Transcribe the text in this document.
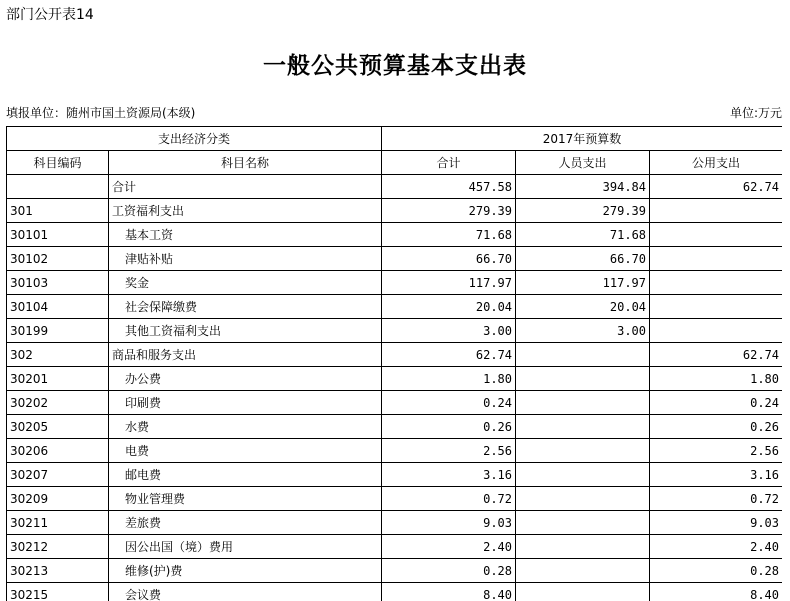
部门公开表14
一般公共预算基本支出表
填报单位：随州市国土资源局(本级)	单位:万元
支出经济分类		2017年预算数		
科目编码	科目名称	合计	人员支出	公用支出
	合计	457.58	394.84	62.74
301	工资福利支出	279.39	279.39	
30101	基本工资	71.68	71.68	
30102	津贴补贴	66.70	66.70	
30103	奖金	117.97	117.97	
30104	社会保障缴费	20.04	20.04	
30199	其他工资福利支出	3.00	3.00	
302	商品和服务支出	62.74		62.74
30201	办公费	1.80		1.80
30202	印刷费	0.24		0.24
30205	水费	0.26		0.26
30206	电费	2.56		2.56
30207	邮电费	3.16		3.16
30209	物业管理费	0.72		0.72
30211	差旅费	9.03		9.03
30212	因公出国（境）费用	2.40		2.40
30213	维修(护)费	0.28		0.28
30215	会议费	8.40		8.40
